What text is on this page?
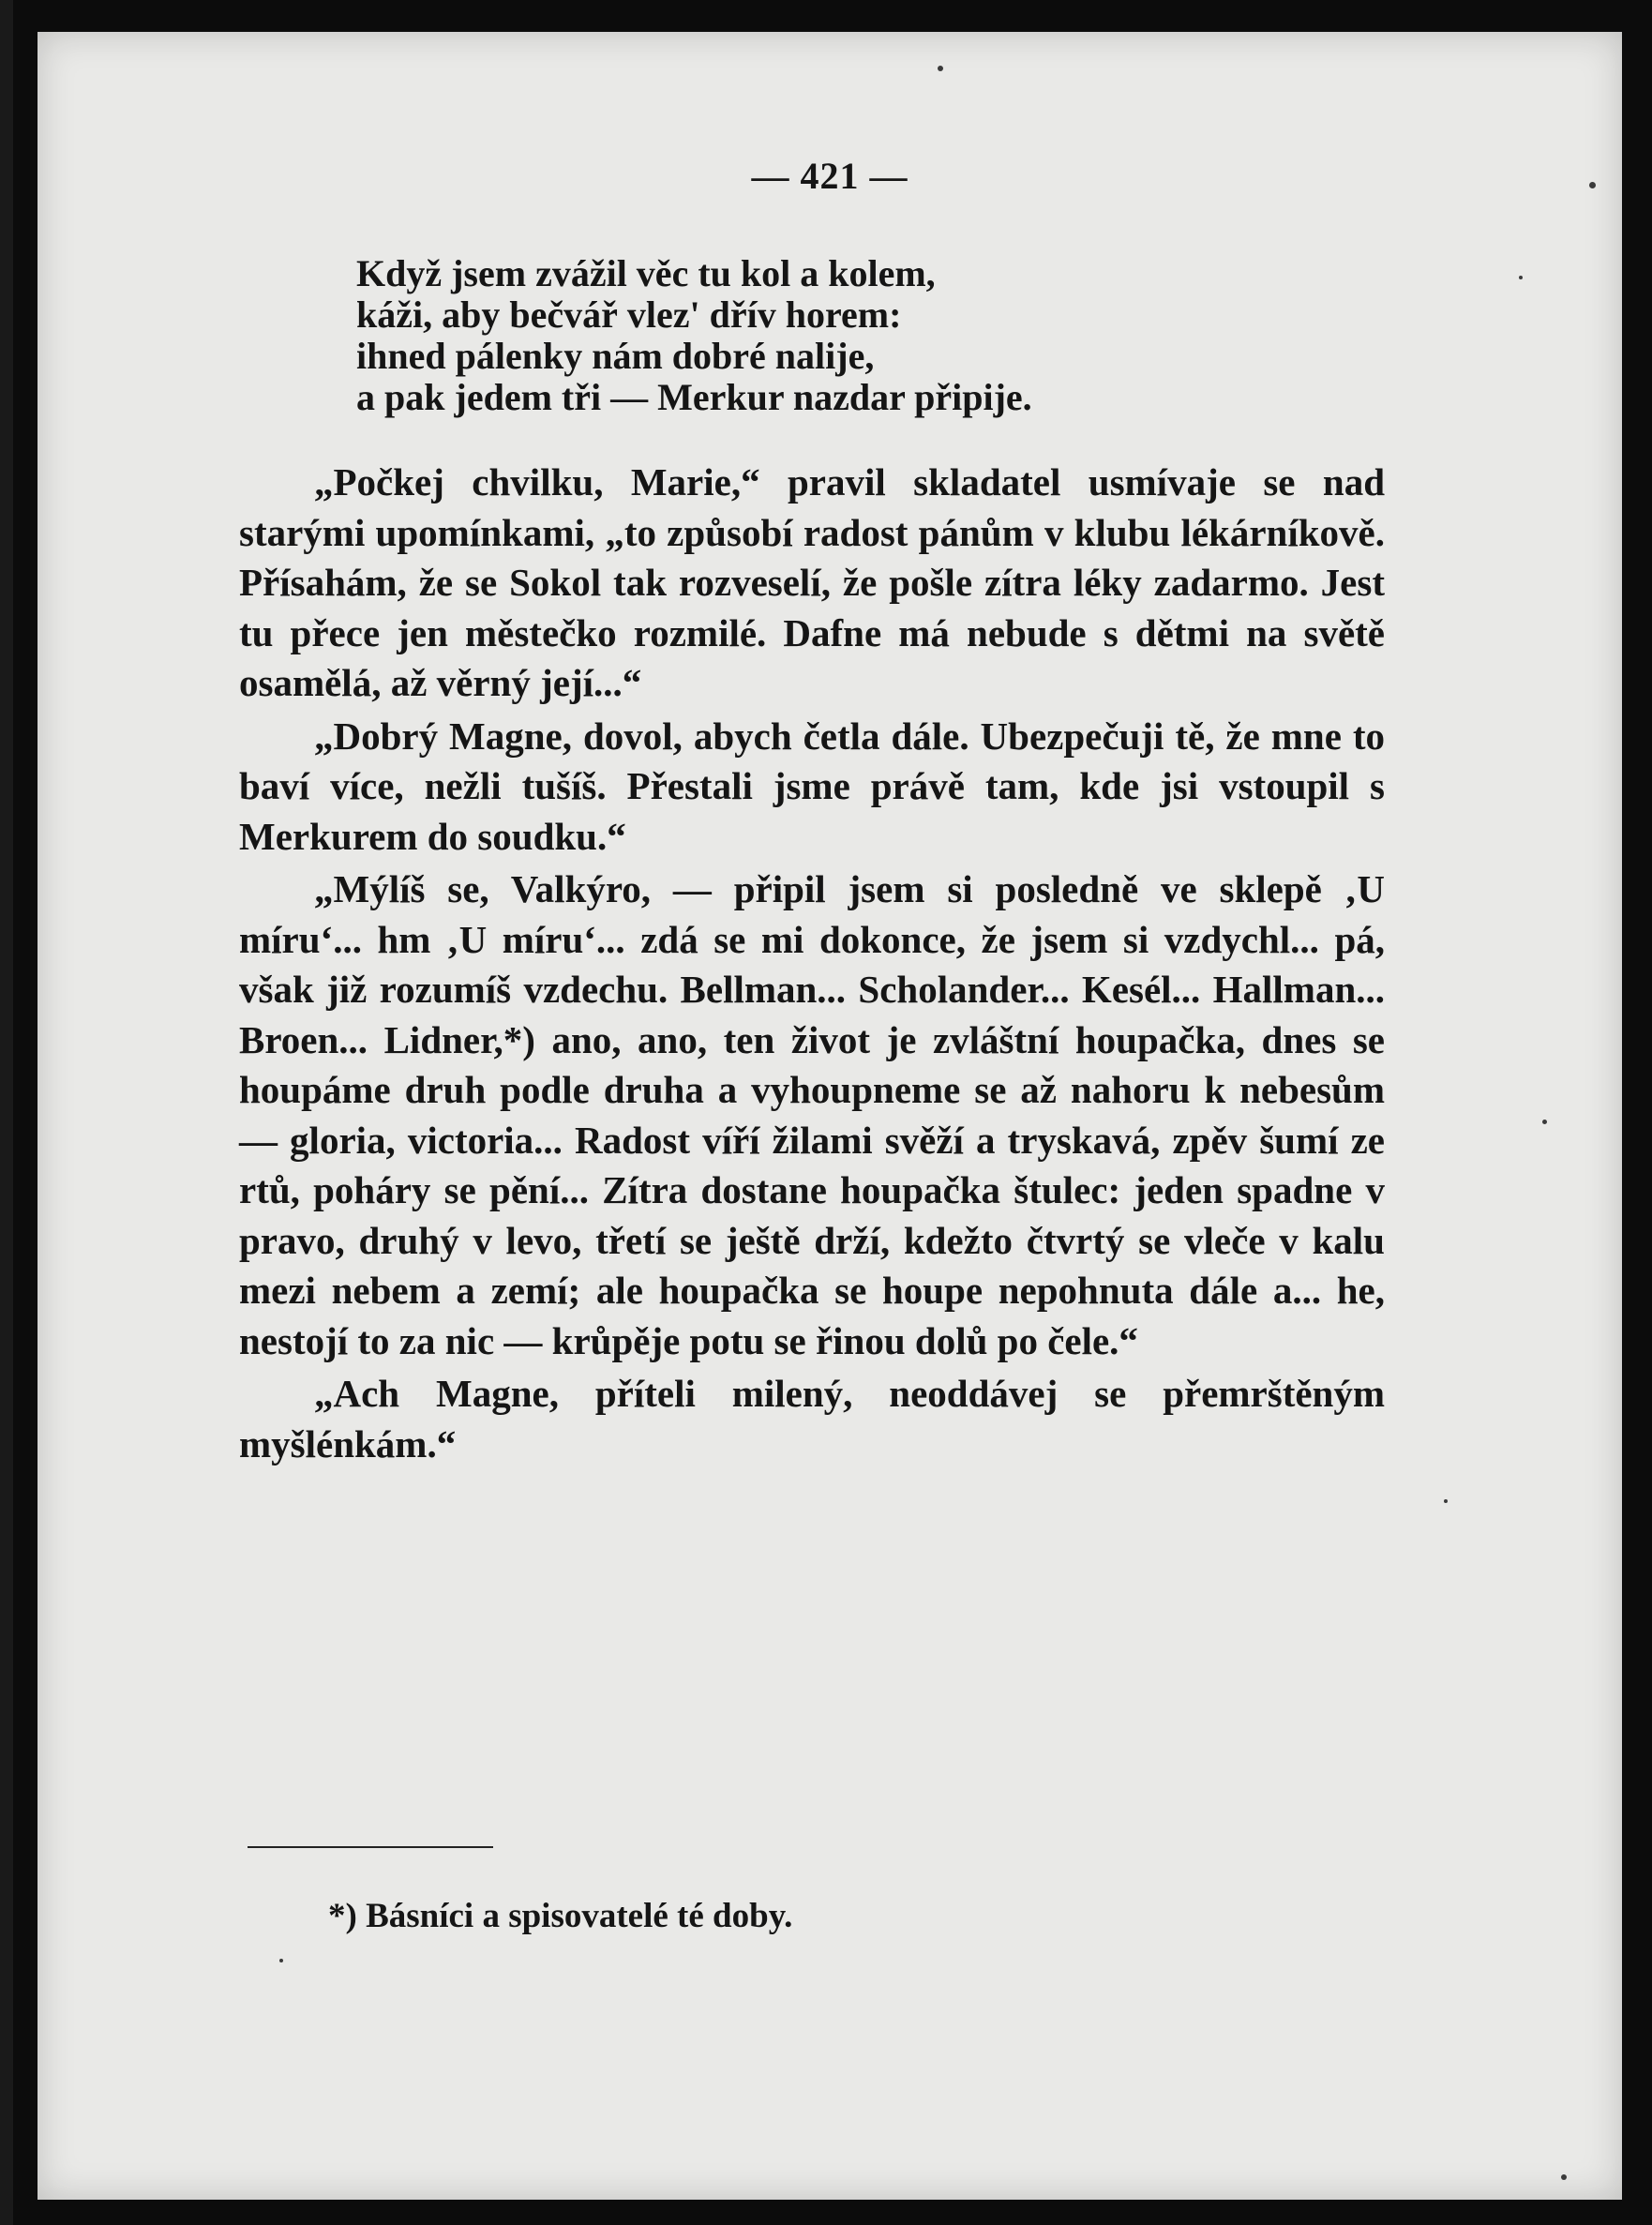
— 421 —
Když jsem zvážil věc tu kol a kolem,
káži, aby bečvář vlez' dřív horem:
ihned pálenky nám dobré nalije,
a pak jedem tři — Merkur nazdar připije.

„Počkej chvilku, Marie,“ pravil skladatel usmívaje se nad starými upomínkami, „to způsobí radost pánům v klubu lékárníkově. Přísahám, že se Sokol tak rozveselí, že pošle zítra léky zadarmo. Jest tu přece jen městečko rozmilé. Dafne má nebude s dětmi na světě osamělá, až věrný její...“

„Dobrý Magne, dovol, abych četla dále. Ubezpečuji tě, že mne to baví více, nežli tušíš. Přestali jsme právě tam, kde jsi vstoupil s Merkurem do soudku.“

„Mýlíš se, Valkýro, — připil jsem si posledně ve sklepě ‚U míru‘... hm ‚U míru‘... zdá se mi dokonce, že jsem si vzdychl... pá, však již rozumíš vzdechu. Bellman... Scholander... Kesél... Hallman... Broen... Lidner,*) ano, ano, ten život je zvláštní houpačka, dnes se houpáme druh podle druha a vyhoupneme se až nahoru k nebesům — gloria, victoria... Radost víří žilami svěží a tryskavá, zpěv šumí ze rtů, poháry se pění... Zítra dostane houpačka štulec: jeden spadne v pravo, druhý v levo, třetí se ještě drží, kdežto čtvrtý se vleče v kalu mezi nebem a zemí; ale houpačka se houpe nepohnuta dále a... he, nestojí to za nic — krůpěje potu se řinou dolů po čele.“

„Ach Magne, příteli milený, neoddávej se přemrštěným myšlénkám.“

*) Básníci a spisovatelé té doby.
